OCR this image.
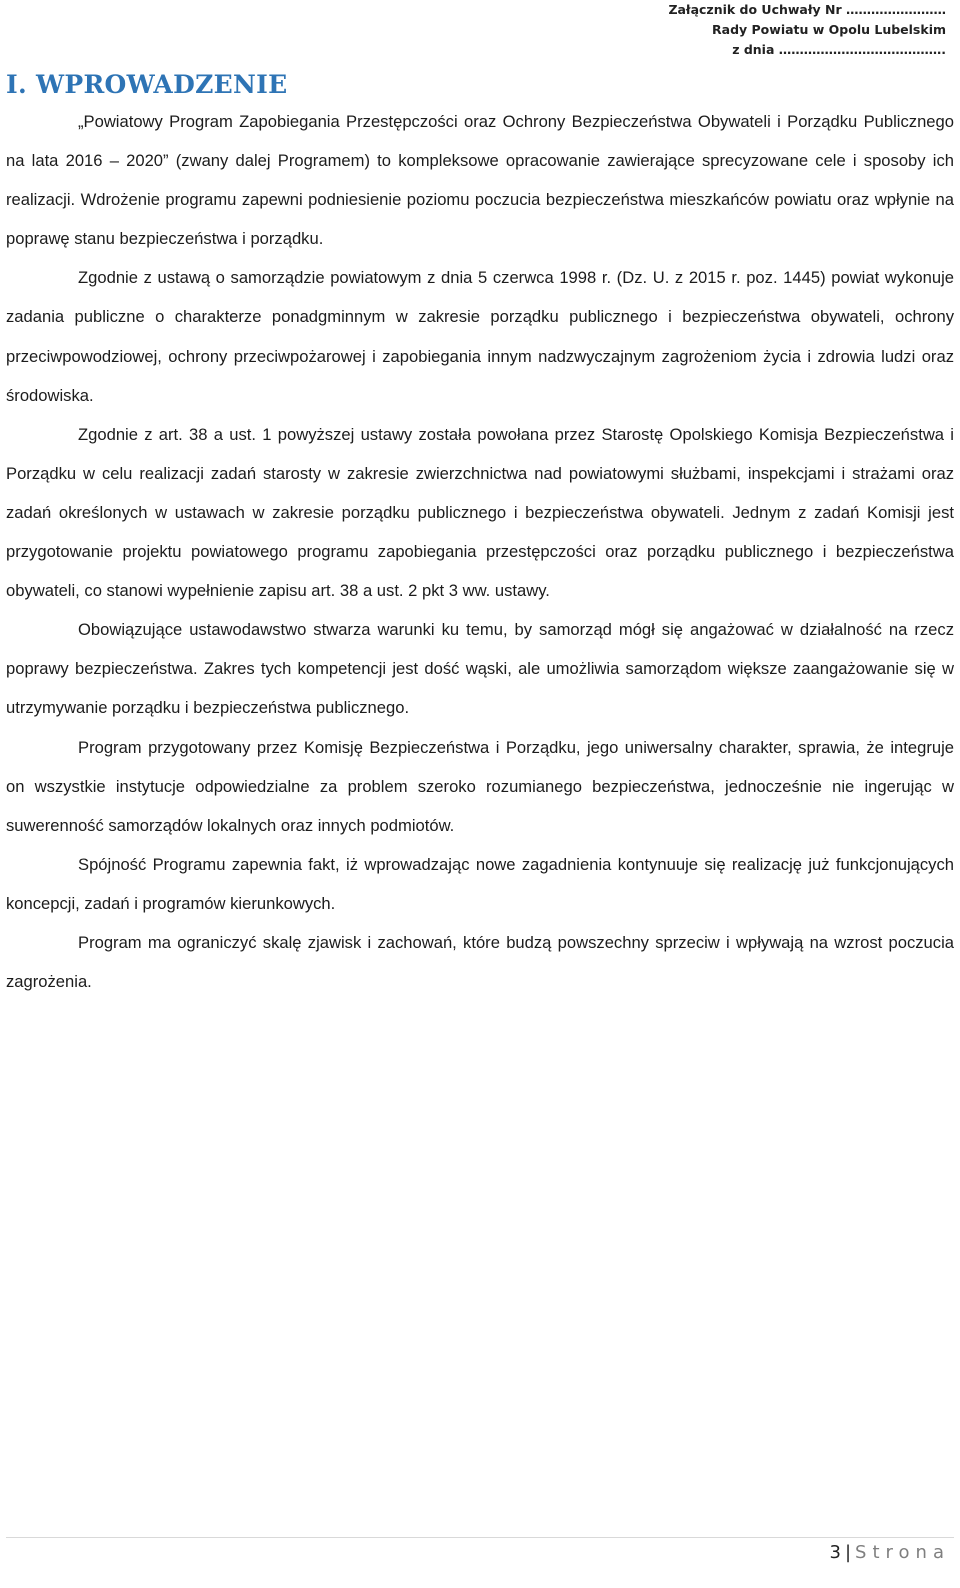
Załącznik do Uchwały Nr ……………………
Rady Powiatu w Opolu Lubelskim
z dnia ………………………………….
I. WPROWADZENIE

„Powiatowy Program Zapobiegania Przestępczości oraz Ochrony Bezpieczeństwa Obywateli i Porządku Publicznego na lata 2016 – 2020” (zwany dalej Programem) to kompleksowe opracowanie zawierające sprecyzowane cele i sposoby ich realizacji. Wdrożenie programu zapewni podniesienie poziomu poczucia bezpieczeństwa mieszkańców powiatu oraz wpłynie na poprawę stanu bezpieczeństwa i porządku.

Zgodnie z ustawą o samorządzie powiatowym z dnia 5 czerwca 1998 r. (Dz. U. z 2015 r. poz. 1445) powiat wykonuje zadania publiczne o charakterze ponadgminnym w zakresie porządku publicznego i bezpieczeństwa obywateli, ochrony przeciwpowodziowej, ochrony przeciwpożarowej i zapobiegania innym nadzwyczajnym zagrożeniom życia i zdrowia ludzi oraz środowiska.

Zgodnie z art. 38 a ust. 1 powyższej ustawy została powołana przez Starostę Opolskiego Komisja Bezpieczeństwa i Porządku w celu realizacji zadań starosty w zakresie zwierzchnictwa nad powiatowymi służbami, inspekcjami i strażami oraz zadań określonych w ustawach w zakresie porządku publicznego i bezpieczeństwa obywateli. Jednym z zadań Komisji jest przygotowanie projektu powiatowego programu zapobiegania przestępczości oraz porządku publicznego i bezpieczeństwa obywateli, co stanowi wypełnienie zapisu art. 38 a ust. 2 pkt 3 ww. ustawy.

Obowiązujące ustawodawstwo stwarza warunki ku temu, by samorząd mógł się angażować w działalność na rzecz poprawy bezpieczeństwa. Zakres tych kompetencji jest dość wąski, ale umożliwia samorządom większe zaangażowanie się w utrzymywanie porządku i bezpieczeństwa publicznego.

Program przygotowany przez Komisję Bezpieczeństwa i Porządku, jego uniwersalny charakter, sprawia, że integruje on wszystkie instytucje odpowiedzialne za problem szeroko rozumianego bezpieczeństwa, jednocześnie nie ingerując w suwerenność samorządów lokalnych oraz innych podmiotów.

Spójność Programu zapewnia fakt, iż wprowadzając nowe zagadnienia kontynuuje się realizację już funkcjonujących koncepcji, zadań i programów kierunkowych.

Program ma ograniczyć skalę zjawisk i zachowań, które budzą powszechny sprzeciw i wpływają na wzrost poczucia zagrożenia.

3 | Strona
